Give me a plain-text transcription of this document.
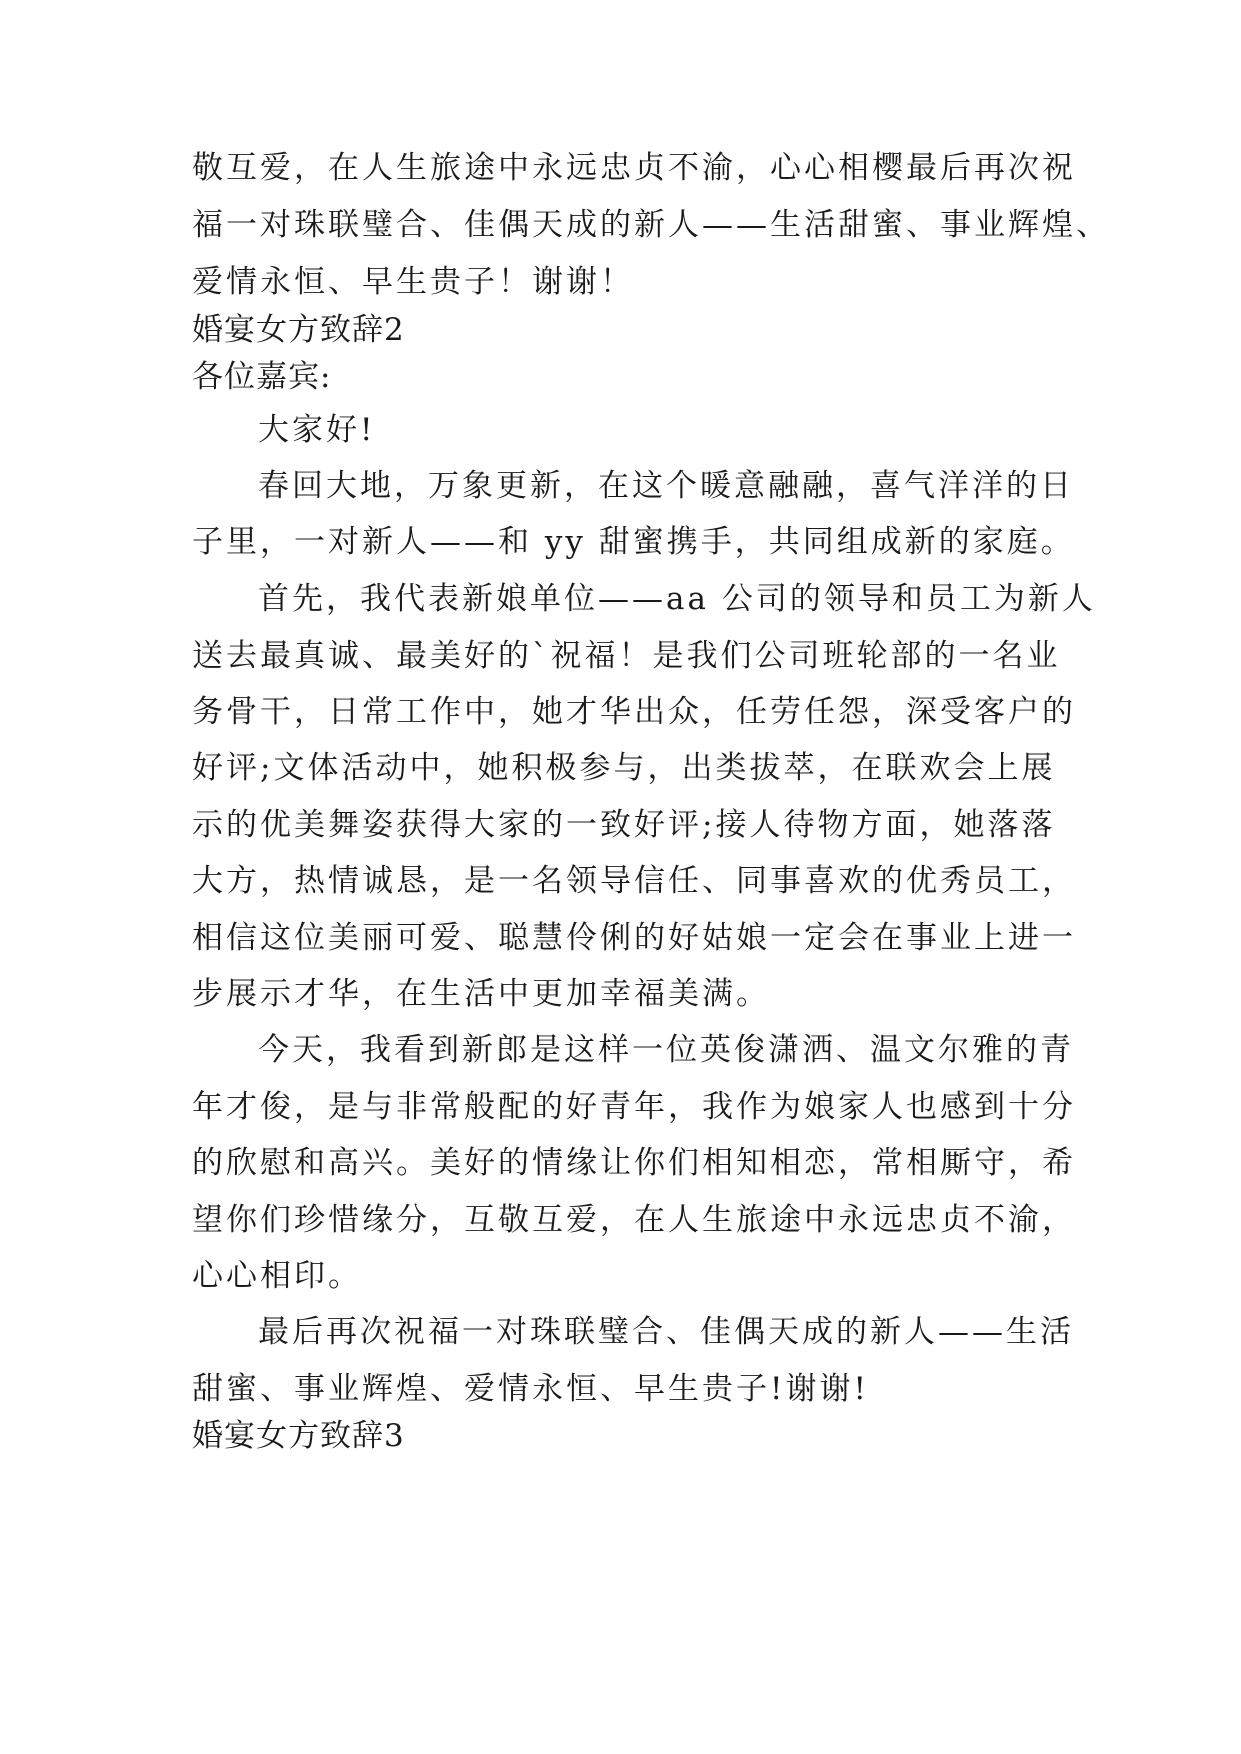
敬互爱，在人生旅途中永远忠贞不渝，心心相樱最后再次祝
福一对珠联璧合、佳偶天成的新人——生活甜蜜、事业辉煌、
爱情永恒、早生贵子！谢谢！
婚宴女方致辞2
各位嘉宾:
大家好!
春回大地，万象更新，在这个暖意融融，喜气洋洋的日
子里，一对新人——和 yy 甜蜜携手，共同组成新的家庭。
首先，我代表新娘单位——aa 公司的领导和员工为新人
送去最真诚、最美好的`祝福！是我们公司班轮部的一名业
务骨干，日常工作中，她才华出众，任劳任怨，深受客户的
好评;文体活动中，她积极参与，出类拔萃，在联欢会上展
示的优美舞姿获得大家的一致好评;接人待物方面，她落落
大方，热情诚恳，是一名领导信任、同事喜欢的优秀员工，
相信这位美丽可爱、聪慧伶俐的好姑娘一定会在事业上进一
步展示才华，在生活中更加幸福美满。
今天，我看到新郎是这样一位英俊潇洒、温文尔雅的青
年才俊，是与非常般配的好青年，我作为娘家人也感到十分
的欣慰和高兴。美好的情缘让你们相知相恋，常相厮守，希
望你们珍惜缘分，互敬互爱，在人生旅途中永远忠贞不渝，
心心相印。
最后再次祝福一对珠联璧合、佳偶天成的新人——生活
甜蜜、事业辉煌、爱情永恒、早生贵子!谢谢!
婚宴女方致辞3
